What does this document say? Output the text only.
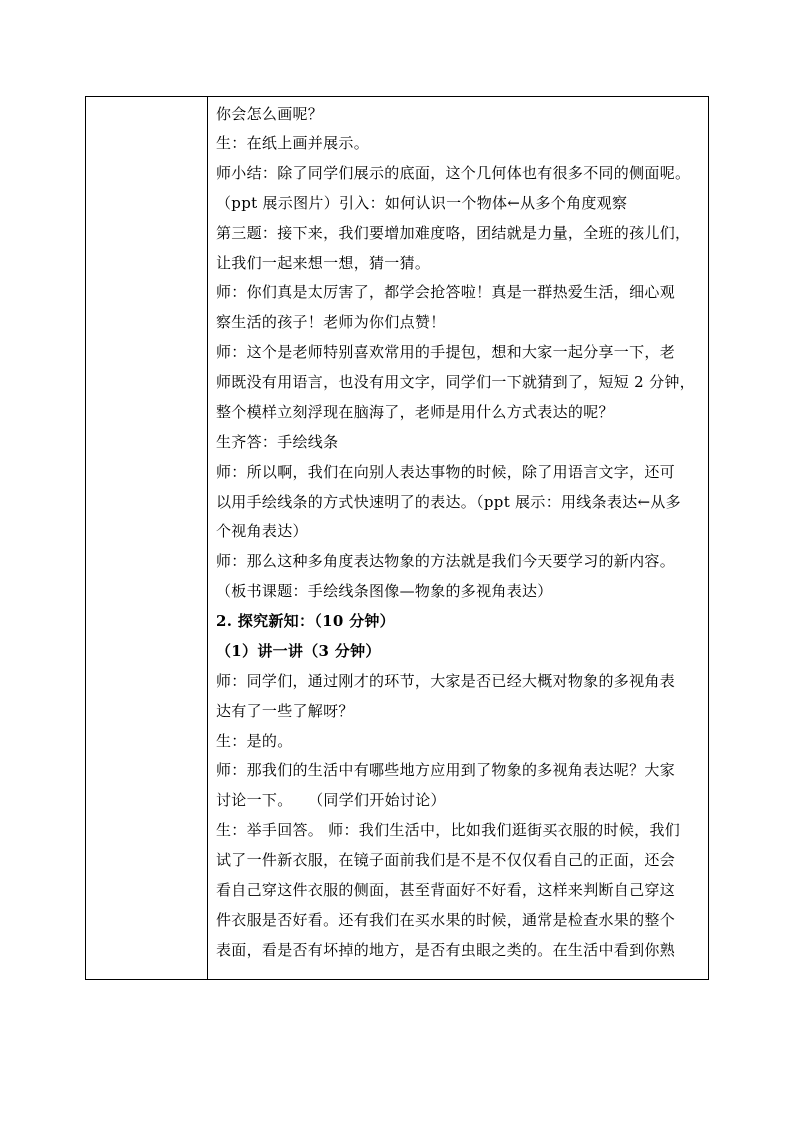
你会怎么画呢？
生：在纸上画并展示。
师小结：除了同学们展示的底面，这个几何体也有很多不同的侧面呢。
（ppt 展示图片）引入：如何认识一个物体←从多个角度观察
第三题：接下来，我们要增加难度咯，团结就是力量，全班的孩儿们，
让我们一起来想一想，猜一猜。
师：你们真是太厉害了，都学会抢答啦！真是一群热爱生活，细心观
察生活的孩子！老师为你们点赞！
师：这个是老师特别喜欢常用的手提包，想和大家一起分享一下，老
师既没有用语言，也没有用文字，同学们一下就猜到了，短短 2 分钟，
整个模样立刻浮现在脑海了，老师是用什么方式表达的呢？
生齐答：手绘线条
师：所以啊，我们在向别人表达事物的时候，除了用语言文字，还可
以用手绘线条的方式快速明了的表达。（ppt 展示：用线条表达←从多
个视角表达）
师：那么这种多角度表达物象的方法就是我们今天要学习的新内容。
（板书课题：手绘线条图像—物象的多视角表达）
2. 探究新知：（10 分钟）
（1）讲一讲（3 分钟）
师：同学们，通过刚才的环节，大家是否已经大概对物象的多视角表
达有了一些了解呀？
生：是的。
师：那我们的生活中有哪些地方应用到了物象的多视角表达呢？大家
讨论一下。　　（同学们开始讨论）
生：举手回答。 师：我们生活中，比如我们逛街买衣服的时候，我们
试了一件新衣服，在镜子面前我们是不是不仅仅看自己的正面，还会
看自己穿这件衣服的侧面，甚至背面好不好看，这样来判断自己穿这
件衣服是否好看。还有我们在买水果的时候，通常是检查水果的整个
表面，看是否有坏掉的地方，是否有虫眼之类的。在生活中看到你熟
